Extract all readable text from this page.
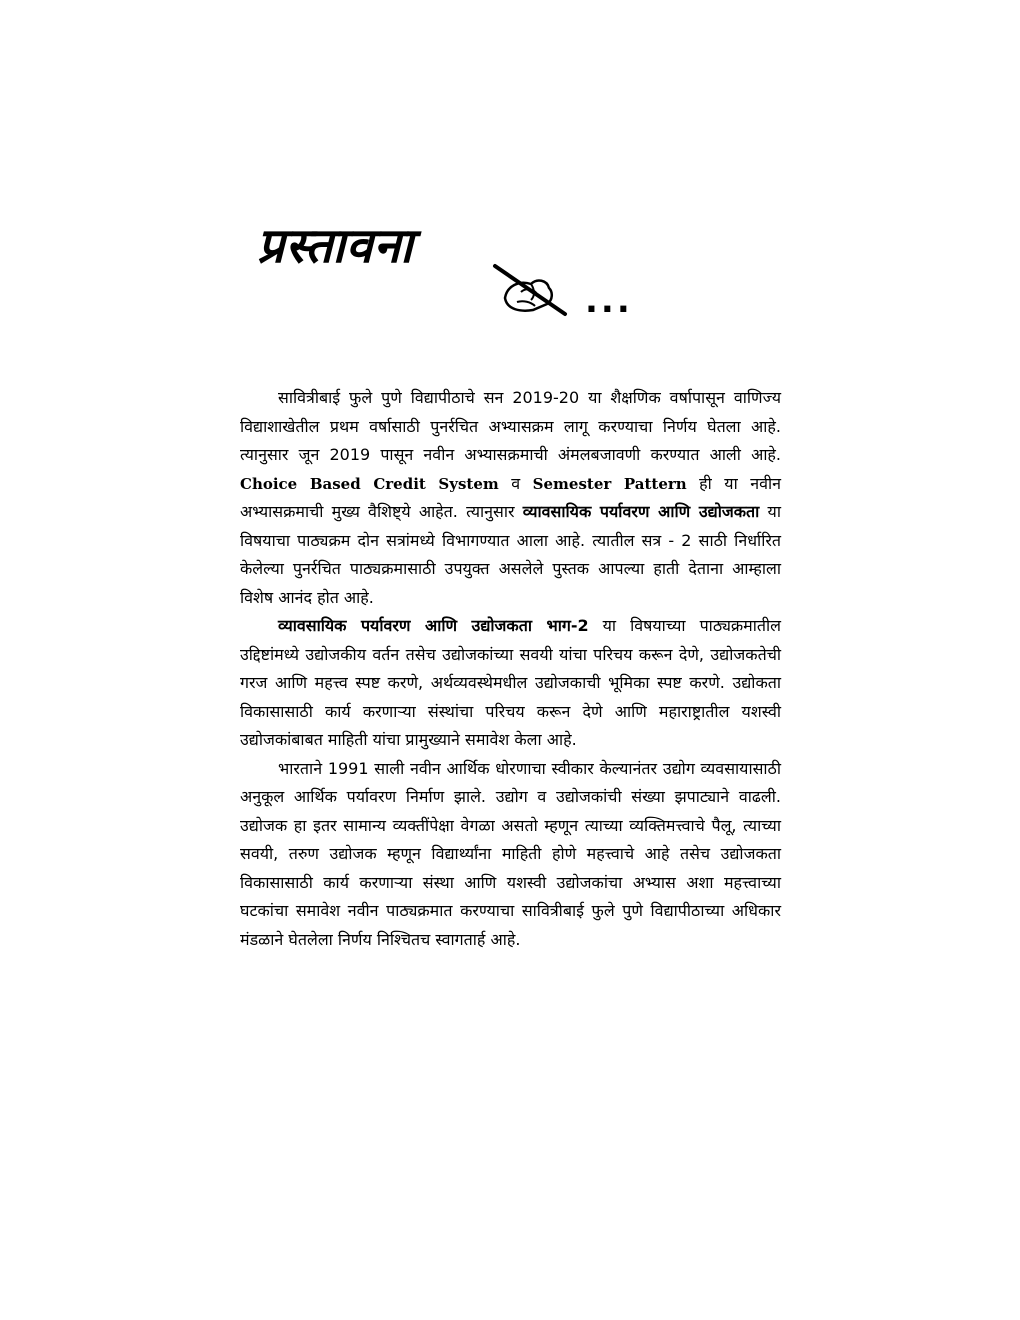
प्रस्तावना
...

सावित्रीबाई फुले पुणे विद्यापीठाचे सन 2019-20 या शैक्षणिक वर्षापासून वाणिज्य विद्याशाखेतील प्रथम वर्षासाठी पुनर्रचित अभ्यासक्रम लागू करण्याचा निर्णय घेतला आहे. त्यानुसार जून 2019 पासून नवीन अभ्यासक्रमाची अंमलबजावणी करण्यात आली आहे. Choice Based Credit System व Semester Pattern ही या नवीन अभ्यासक्रमाची मुख्य वैशिष्ट्ये आहेत. त्यानुसार व्यावसायिक पर्यावरण आणि उद्योजकता या विषयाचा पाठ्यक्रम दोन सत्रांमध्ये विभागण्यात आला आहे. त्यातील सत्र - 2 साठी निर्धारित केलेल्या पुनर्रचित पाठ्यक्रमासाठी उपयुक्त असलेले पुस्तक आपल्या हाती देताना आम्हाला विशेष आनंद होत आहे.

व्यावसायिक पर्यावरण आणि उद्योजकता भाग-2 या विषयाच्या पाठ्यक्रमातील उद्दिष्टांमध्ये उद्योजकीय वर्तन तसेच उद्योजकांच्या सवयी यांचा परिचय करून देणे, उद्योजकतेची गरज आणि महत्त्व स्पष्ट करणे, अर्थव्यवस्थेमधील उद्योजकाची भूमिका स्पष्ट करणे. उद्योकता विकासासाठी कार्य करणाऱ्या संस्थांचा परिचय करून देणे आणि महाराष्ट्रातील यशस्वी उद्योजकांबाबत माहिती यांचा प्रामुख्याने समावेश केला आहे.

भारताने 1991 साली नवीन आर्थिक धोरणाचा स्वीकार केल्यानंतर उद्योग व्यवसायासाठी अनुकूल आर्थिक पर्यावरण निर्माण झाले. उद्योग व उद्योजकांची संख्या झपाट्याने वाढली. उद्योजक हा इतर सामान्य व्यक्तींपेक्षा वेगळा असतो म्हणून त्याच्या व्यक्तिमत्त्वाचे पैलू, त्याच्या सवयी, तरुण उद्योजक म्हणून विद्यार्थ्यांना माहिती होणे महत्त्वाचे आहे तसेच उद्योजकता विकासासाठी कार्य करणाऱ्या संस्था आणि यशस्वी उद्योजकांचा अभ्यास अशा महत्त्वाच्या घटकांचा समावेश नवीन पाठ्यक्रमात करण्याचा सावित्रीबाई फुले पुणे विद्यापीठाच्या अधिकार मंडळाने घेतलेला निर्णय निश्चितच स्वागतार्ह आहे.
